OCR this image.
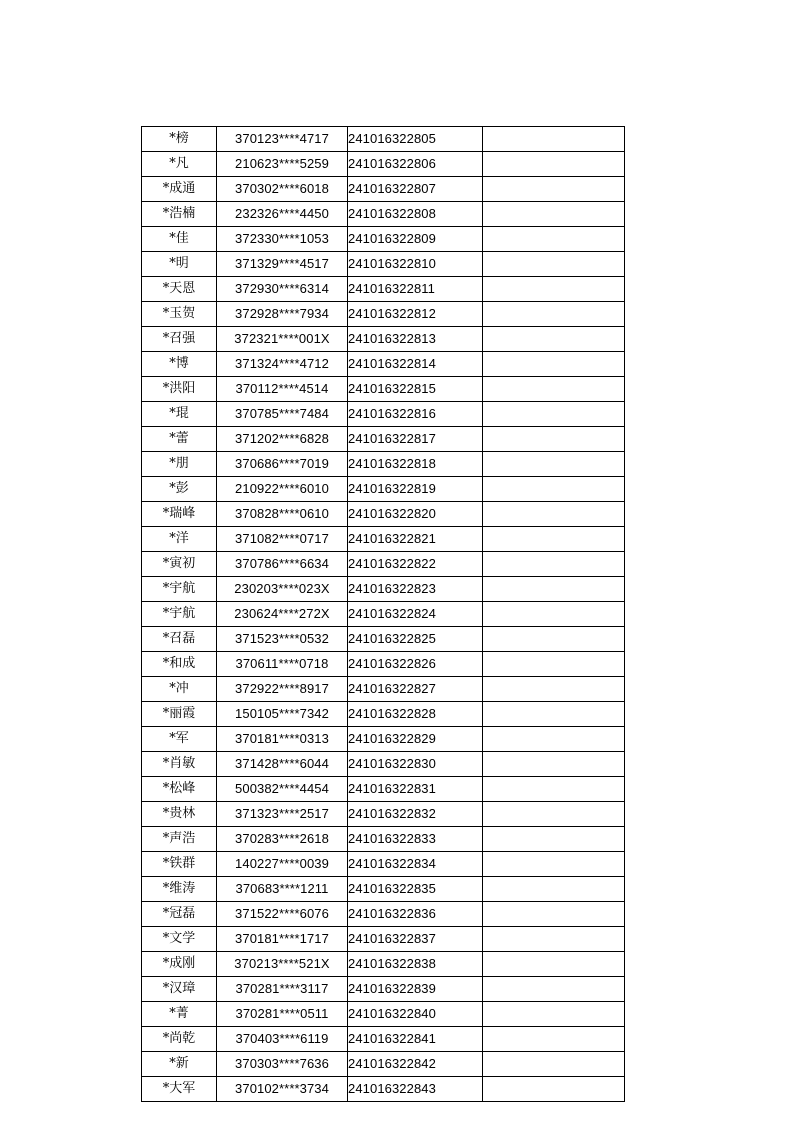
*榜	370123****4717	241016322805	
*凡	210623****5259	241016322806	
*成通	370302****6018	241016322807	
*浩楠	232326****4450	241016322808	
*佳	372330****1053	241016322809	
*明	371329****4517	241016322810	
*天恩	372930****6314	241016322811	
*玉贺	372928****7934	241016322812	
*召强	372321****001X	241016322813	
*博	371324****4712	241016322814	
*洪阳	370112****4514	241016322815	
*琨	370785****7484	241016322816	
*蕾	371202****6828	241016322817	
*朋	370686****7019	241016322818	
*彭	210922****6010	241016322819	
*瑞峰	370828****0610	241016322820	
*洋	371082****0717	241016322821	
*寅初	370786****6634	241016322822	
*宇航	230203****023X	241016322823	
*宇航	230624****272X	241016322824	
*召磊	371523****0532	241016322825	
*和成	370611****0718	241016322826	
*冲	372922****8917	241016322827	
*丽霞	150105****7342	241016322828	
*军	370181****0313	241016322829	
*肖敏	371428****6044	241016322830	
*松峰	500382****4454	241016322831	
*贵林	371323****2517	241016322832	
*声浩	370283****2618	241016322833	
*铁群	140227****0039	241016322834	
*维涛	370683****1211	241016322835	
*冠磊	371522****6076	241016322836	
*文学	370181****1717	241016322837	
*成刚	370213****521X	241016322838	
*汉璋	370281****3117	241016322839	
*菁	370281****0511	241016322840	
*尚乾	370403****6119	241016322841	
*新	370303****7636	241016322842	
*大军	370102****3734	241016322843	
